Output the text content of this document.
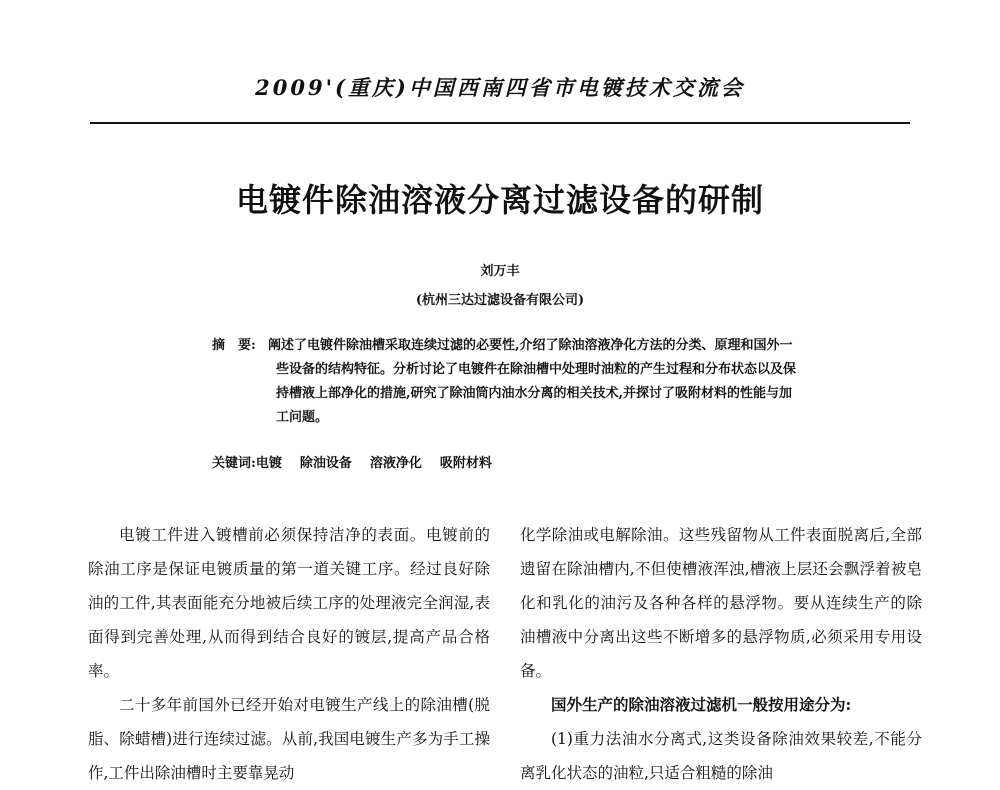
2009'(重庆)中国西南四省市电镀技术交流会
电镀件除油溶液分离过滤设备的研制
刘万丰
(杭州三达过滤设备有限公司)
摘　要: 阐述了电镀件除油槽采取连续过滤的必要性,介绍了除油溶液净化方法的分类、原理和国外一些设备的结构特征。分析讨论了电镀件在除油槽中处理时油粒的产生过程和分布状态以及保持槽液上部净化的措施,研究了除油筒内油水分离的相关技术,并探讨了吸附材料的性能与加工问题。
关键词:电镀 除油设备 溶液净化 吸附材料

电镀工件进入镀槽前必须保持洁净的表面。电镀前的除油工序是保证电镀质量的第一道关键工序。经过良好除油的工件,其表面能充分地被后续工序的处理液完全润湿,表面得到完善处理,从而得到结合良好的镀层,提高产品合格率。

二十多年前国外已经开始对电镀生产线上的除油槽(脱脂、除蜡槽)进行连续过滤。从前,我国电镀生产多为手工操作,工件出除油槽时主要靠晃动

化学除油或电解除油。这些残留物从工件表面脱离后,全部遗留在除油槽内,不但使槽液浑浊,槽液上层还会飘浮着被皂化和乳化的油污及各种各样的悬浮物。要从连续生产的除油槽液中分离出这些不断增多的悬浮物质,必须采用专用设备。

国外生产的除油溶液过滤机一般按用途分为:

(1)重力法油水分离式,这类设备除油效果较差,不能分离乳化状态的油粒,只适合粗糙的除油
